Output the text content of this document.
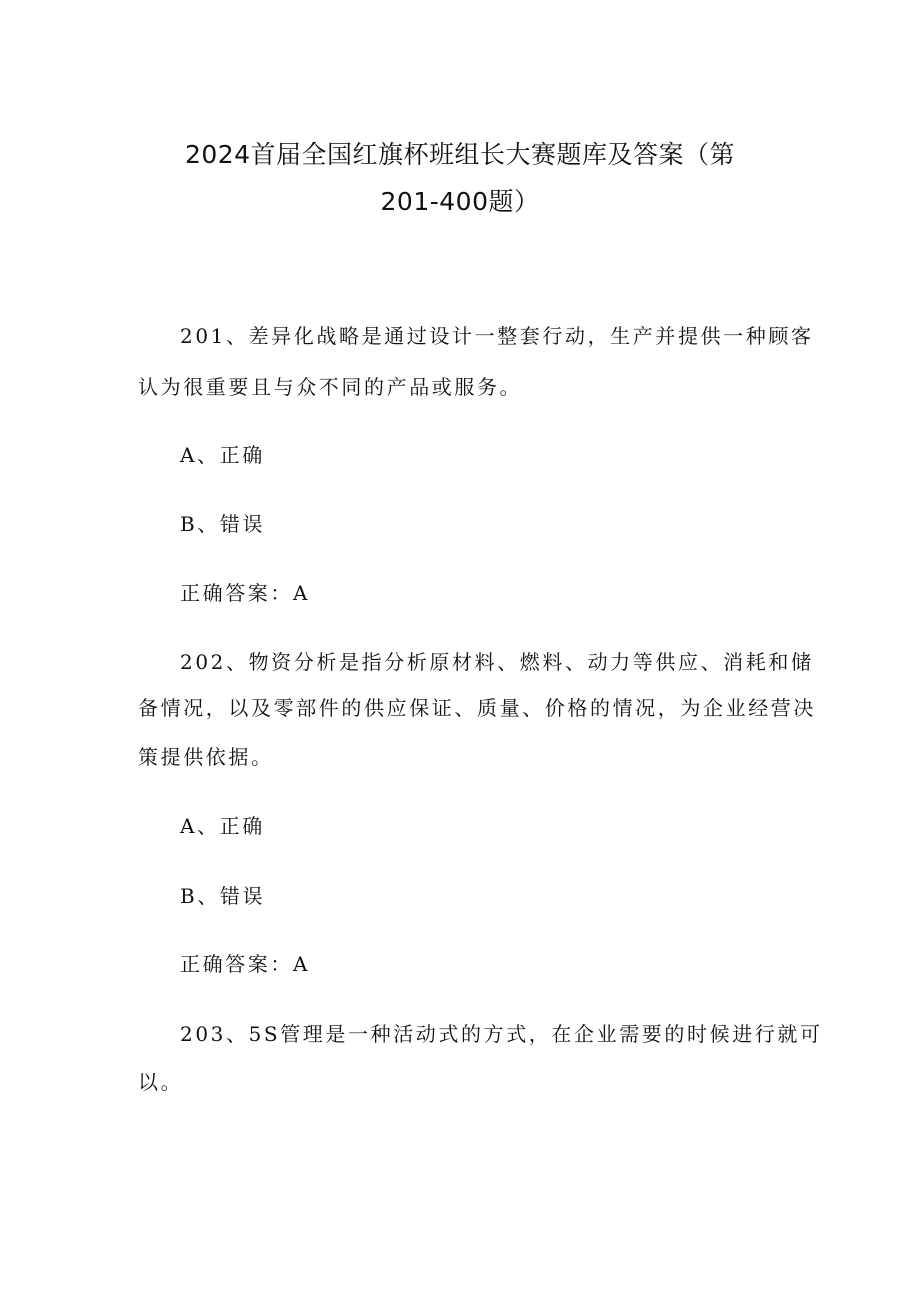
2024首届全国红旗杯班组长大赛题库及答案（第
201-400题）

201、差异化战略是通过设计一整套行动，生产并提供一种顾客

认为很重要且与众不同的产品或服务。

A、正确

B、错误

正确答案：A

202、物资分析是指分析原材料、燃料、动力等供应、消耗和储

备情况，以及零部件的供应保证、质量、价格的情况，为企业经营决

策提供依据。

A、正确

B、错误

正确答案：A

203、5S管理是一种活动式的方式，在企业需要的时候进行就可

以。
